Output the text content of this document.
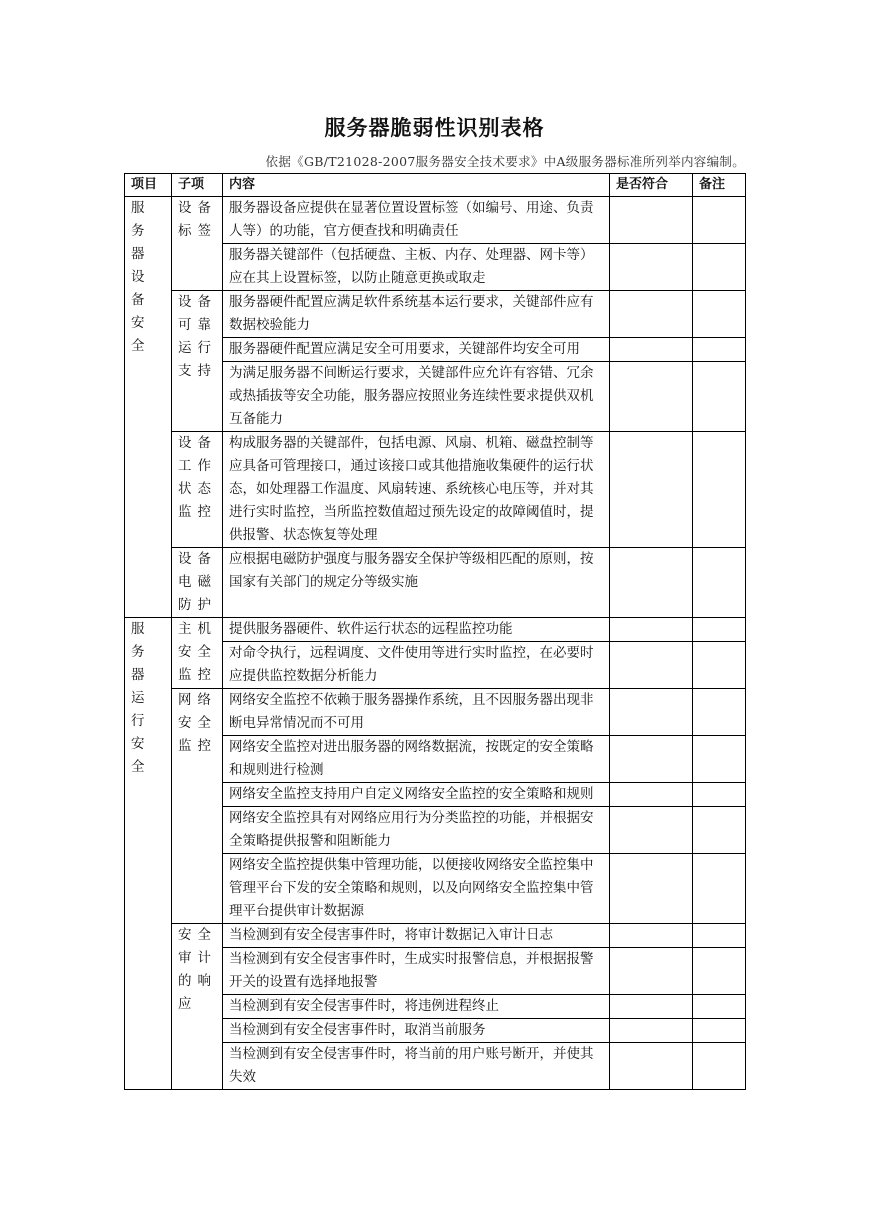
服务器脆弱性识别表格
依据《GB/T21028-2007服务器安全技术要求》中A级服务器标准所列举内容编制。
项目	子项	内容	是否符合	备注
服务器设备安全	设备标签	服务器设备应提供在显著位置设置标签（如编号、用途、负责人等）的功能，官方便查找和明确责任		
		服务器关键部件（包括硬盘、主板、内存、处理器、网卡等）应在其上设置标签，以防止随意更换或取走		
	设备可靠运行支持	服务器硬件配置应满足软件系统基本运行要求，关键部件应有数据校验能力		
		服务器硬件配置应满足安全可用要求，关键部件均安全可用		
		为满足服务器不间断运行要求，关键部件应允许有容错、冗余或热插拔等安全功能，服务器应按照业务连续性要求提供双机互备能力		
	设备工作状态监控	构成服务器的关键部件，包括电源、风扇、机箱、磁盘控制等应具备可管理接口，通过该接口或其他措施收集硬件的运行状态，如处理器工作温度、风扇转速、系统核心电压等，并对其进行实时监控，当所监控数值超过预先设定的故障阈值时，提供报警、状态恢复等处理		
	设备电磁防护	应根据电磁防护强度与服务器安全保护等级相匹配的原则，按国家有关部门的规定分等级实施		
服务器运行安全	主机安全监控	提供服务器硬件、软件运行状态的远程监控功能		
		对命令执行，远程调度、文件使用等进行实时监控，在必要时应提供监控数据分析能力		
	网络安全监控	网络安全监控不依赖于服务器操作系统，且不因服务器出现非断电异常情况而不可用		
		网络安全监控对进出服务器的网络数据流，按既定的安全策略和规则进行检测		
		网络安全监控支持用户自定义网络安全监控的安全策略和规则		
		网络安全监控具有对网络应用行为分类监控的功能，并根据安全策略提供报警和阻断能力		
		网络安全监控提供集中管理功能，以便接收网络安全监控集中管理平台下发的安全策略和规则，以及向网络安全监控集中管理平台提供审计数据源		
	安全审计的响应	当检测到有安全侵害事件时，将审计数据记入审计日志		
		当检测到有安全侵害事件时，生成实时报警信息，并根据报警开关的设置有选择地报警		
		当检测到有安全侵害事件时，将违例进程终止		
		当检测到有安全侵害事件时，取消当前服务		
		当检测到有安全侵害事件时，将当前的用户账号断开，并使其失效		
